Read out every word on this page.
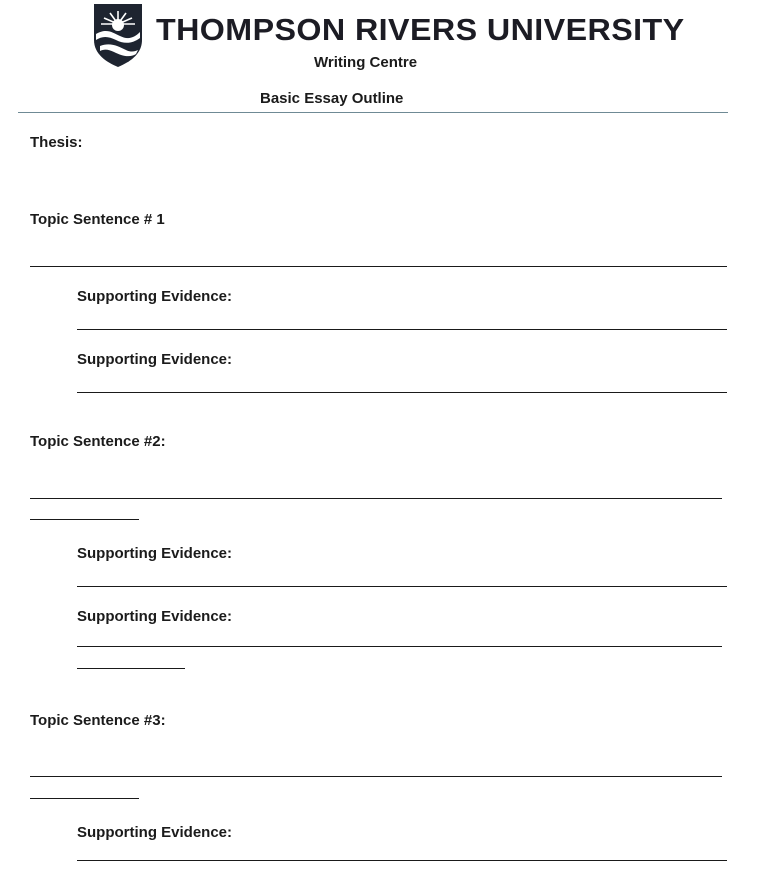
THOMPSON RIVERS UNIVERSITY
Writing Centre
Basic Essay Outline
Thesis:
Topic Sentence # 1
Supporting Evidence:
Supporting Evidence:
Topic Sentence #2:
Supporting Evidence:
Supporting Evidence:
Topic Sentence #3:
Supporting Evidence:
